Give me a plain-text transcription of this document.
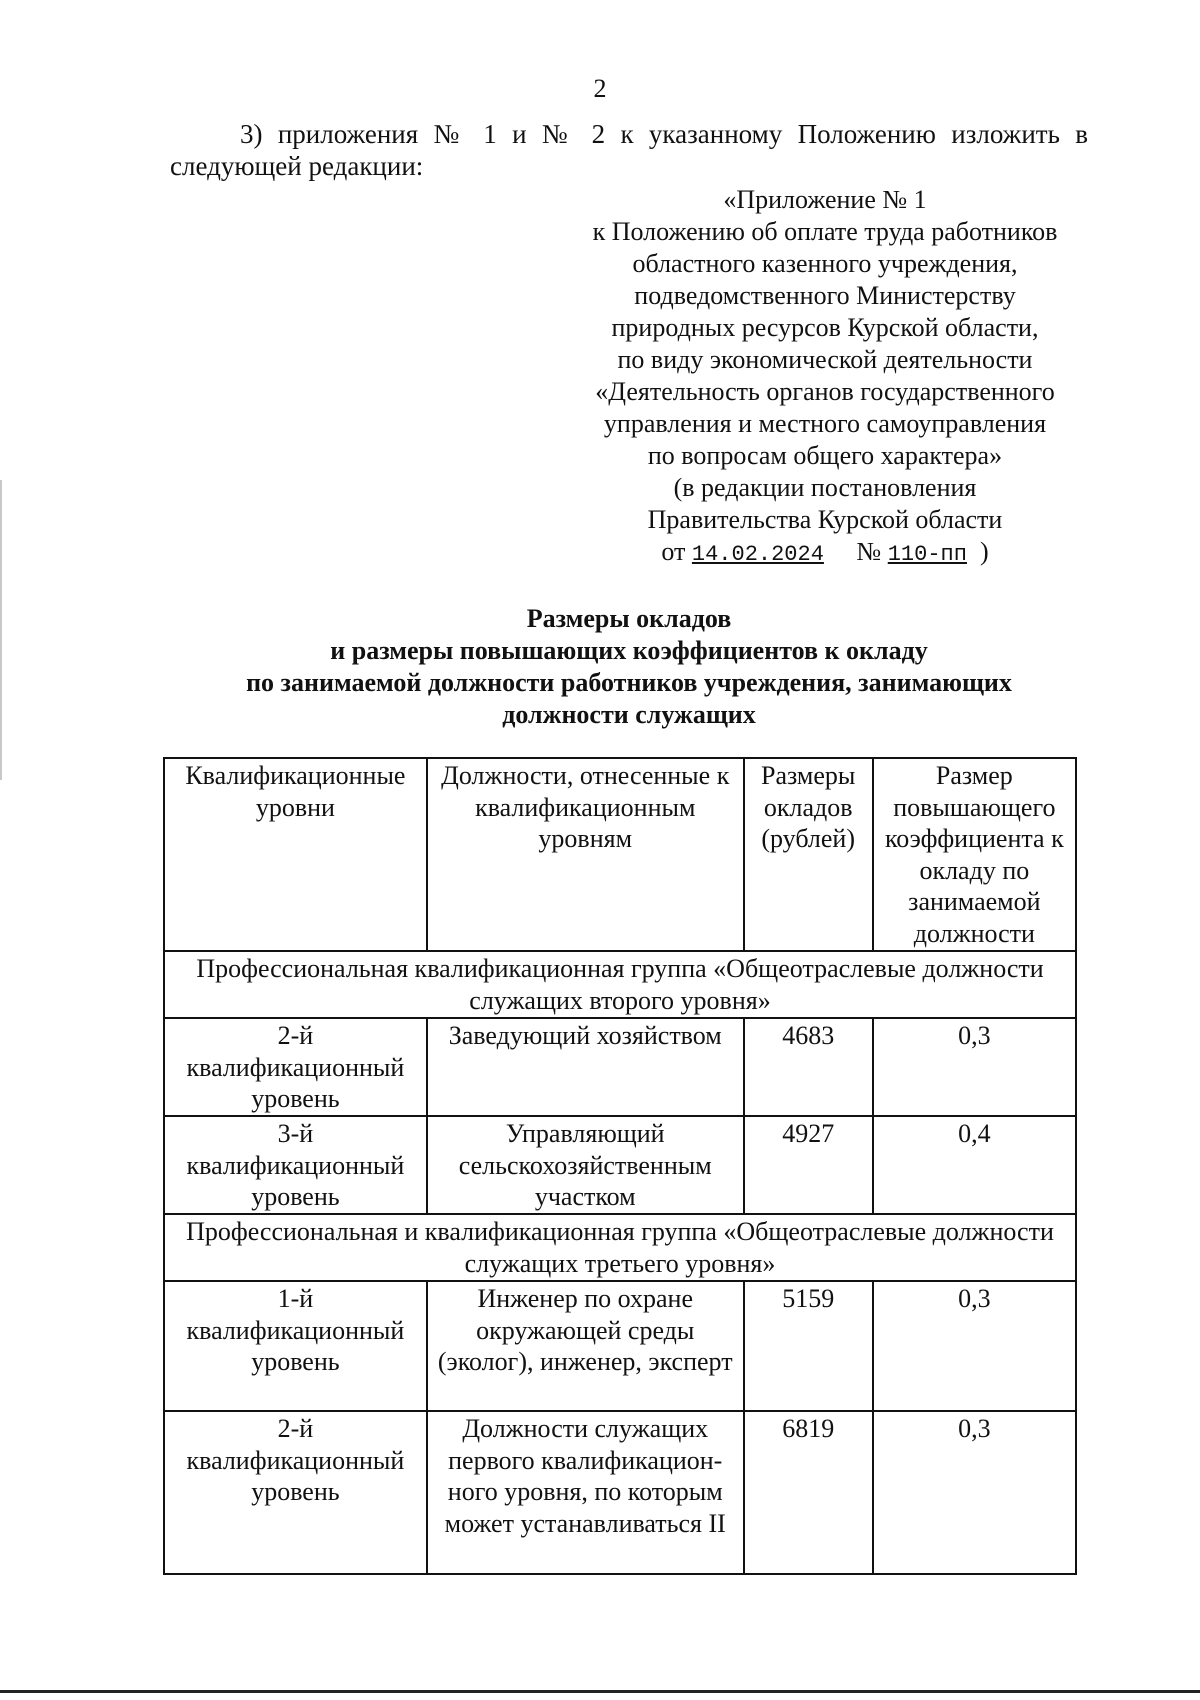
2
3) приложения № 1 и № 2 к указанному Положению изложить в
следующей редакции:
«Приложение № 1
к Положению об оплате труда работников
областного казенного учреждения,
подведомственного Министерству
природных ресурсов Курской области,
по виду экономической деятельности
«Деятельность органов государственного
управления и местного самоуправления
по вопросам общего характера»
(в редакции постановления
Правительства Курской области
от 14.02.2024 № 110-пп )
Размеры окладов
и размеры повышающих коэффициентов к окладу
по занимаемой должности работников учреждения, занимающих
должности служащих
Квалификационные уровни	Должности, отнесенные к квалификационным уровням	Размеры окладов (рублей)	Размер повышающего коэффициента к окладу по занимаемой должности
Профессиональная квалификационная группа «Общеотраслевые должности служащих второго уровня»			
2-й квалификационный уровень	Заведующий хозяйством	4683	0,3
3-й квалификационный уровень	Управляющий сельскохозяйственным участком	4927	0,4
Профессиональная и квалификационная группа «Общеотраслевые должности служащих третьего уровня»			
1-й квалификационный уровень	Инженер по охране окружающей среды (эколог), инженер, эксперт	5159	0,3
2-й квалификационный уровень	Должности служащих первого квалификацион-ного уровня, по которым может устанавливаться II	6819	0,3
